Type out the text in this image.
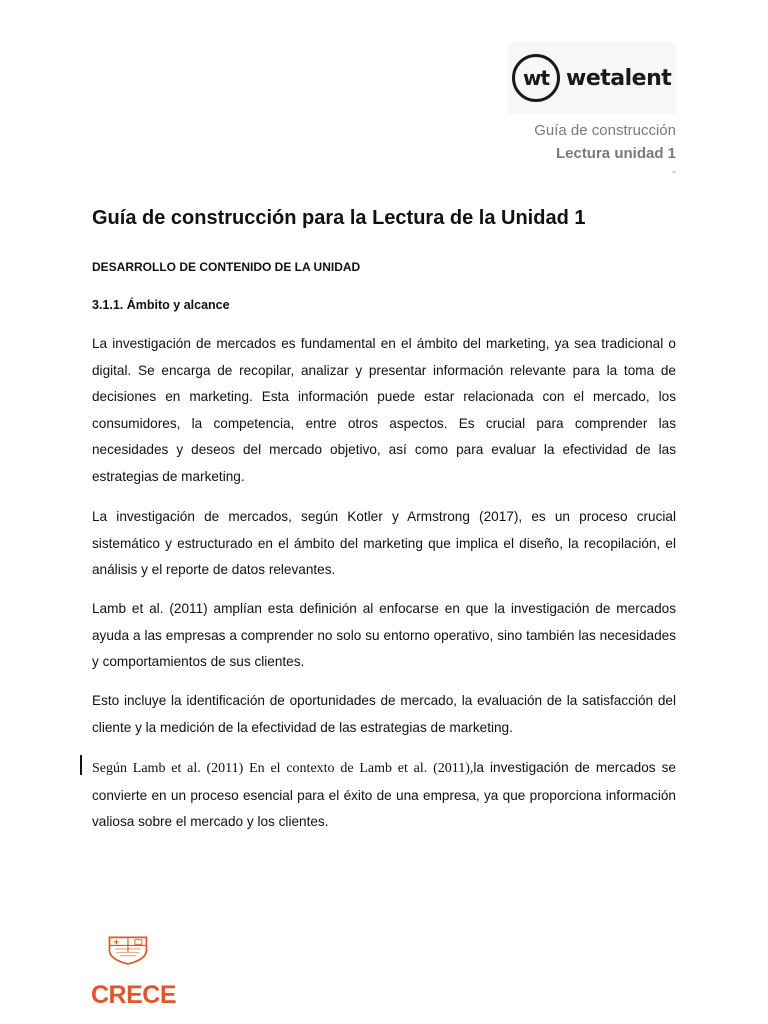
wt wetalent
Guía de construcción
Lectura unidad 1
-
Guía de construcción para la Lectura de la Unidad 1
DESARROLLO DE CONTENIDO DE LA UNIDAD
3.1.1. Ámbito y alcance

La investigación de mercados es fundamental en el ámbito del marketing, ya sea tradicional o digital. Se encarga de recopilar, analizar y presentar información relevante para la toma de decisiones en marketing. Esta información puede estar relacionada con el mercado, los consumidores, la competencia, entre otros aspectos. Es crucial para comprender las necesidades y deseos del mercado objetivo, así como para evaluar la efectividad de las estrategias de marketing.

La investigación de mercados, según Kotler y Armstrong (2017), es un proceso crucial sistemático y estructurado en el ámbito del marketing que implica el diseño, la recopilación, el análisis y el reporte de datos relevantes.

Lamb et al. (2011) amplían esta definición al enfocarse en que la investigación de mercados ayuda a las empresas a comprender no solo su entorno operativo, sino también las necesidades y comportamientos de sus clientes.

Esto incluye la identificación de oportunidades de mercado, la evaluación de la satisfacción del cliente y la medición de la efectividad de las estrategias de marketing.

Según Lamb et al. (2011) En el contexto de Lamb et al. (2011),la investigación de mercados se convierte en un proceso esencial para el éxito de una empresa, ya que proporciona información valiosa sobre el mercado y los clientes.

CRECE
